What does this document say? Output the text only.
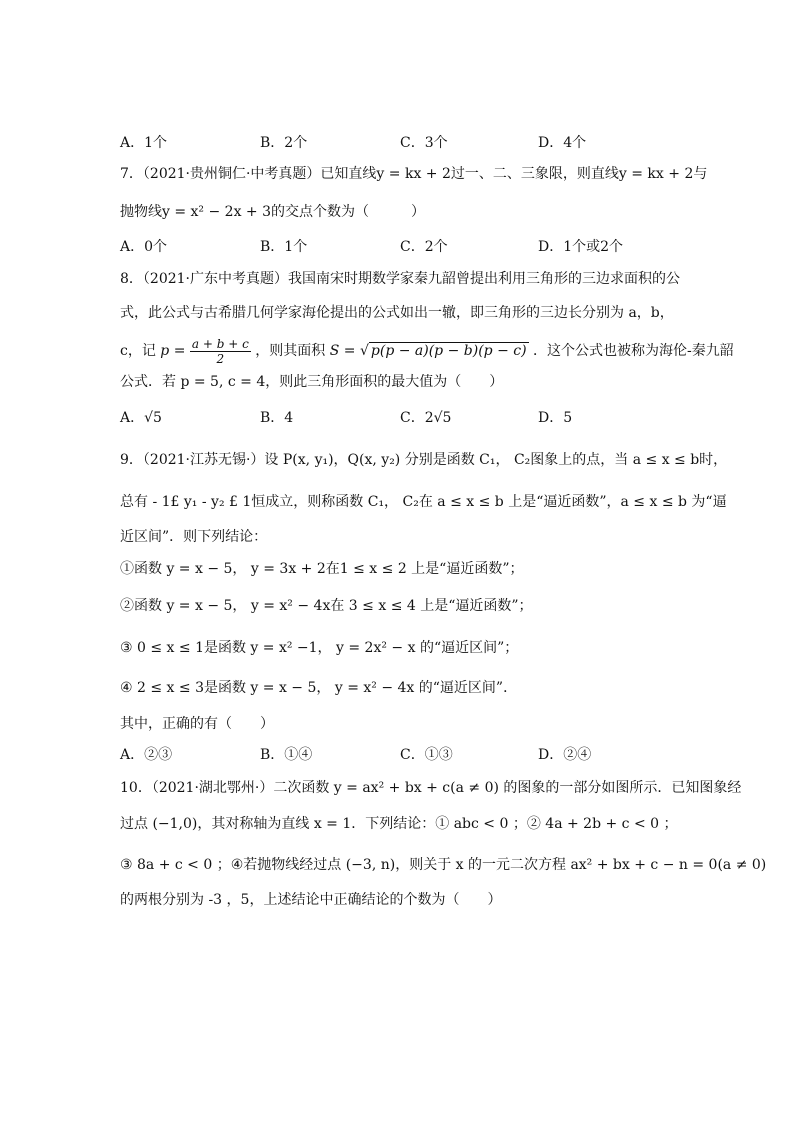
A．1个	B．2个	C．3个	D．4个
7．（2021·贵州铜仁·中考真题）已知直线y = kx + 2过一、二、三象限，则直线y = kx + 2与
抛物线y = x² − 2x + 3的交点个数为（　　　）
A．0个	B．1个	C．2个	D．1个或2个
8．（2021·广东中考真题）我国南宋时期数学家秦九韶曾提出利用三角形的三边求面积的公
式，此公式与古希腊几何学家海伦提出的公式如出一辙，即三角形的三边长分别为 a，b，
c，记 $p = \frac{a + b + c}{2}$ ，则其面积 S = √ p(p − a)(p − b)(p − c) ．这个公式也被称为海伦-秦九韶
公式．若 p = 5, c = 4，则此三角形面积的最大值为（　　）
A．√5	B．4	C．2√5	D．5
9．（2021·江苏无锡·）设 P(x, y₁)，Q(x, y₂) 分别是函数 C₁， C₂图象上的点，当 a ≤ x ≤ b时，
总有 - 1£ y₁ - y₂ £ 1恒成立，则称函数 C₁， C₂在 a ≤ x ≤ b 上是“逼近函数”，a ≤ x ≤ b 为“逼
近区间”．则下列结论：
①函数 y = x − 5， y = 3x + 2在1 ≤ x ≤ 2 上是“逼近函数”；
②函数 y = x − 5， y = x² − 4x在 3 ≤ x ≤ 4 上是“逼近函数”；
③ 0 ≤ x ≤ 1是函数 y = x² −1， y = 2x² − x 的“逼近区间”；
④ 2 ≤ x ≤ 3是函数 y = x − 5， y = x² − 4x 的“逼近区间”．
其中，正确的有（　　）
A．②③	B．①④	C．①③	D．②④
10．（2021·湖北鄂州·）二次函数 y = ax² + bx + c(a ≠ 0) 的图象的一部分如图所示．已知图象经
过点 (−1,0)，其对称轴为直线 x = 1．下列结论：① abc < 0 ；② 4a + 2b + c < 0 ；
③ 8a + c < 0 ；④若抛物线经过点 (−3, n)，则关于 x 的一元二次方程 ax² + bx + c − n = 0(a ≠ 0)
的两根分别为 -3 ，5，上述结论中正确结论的个数为（　　）
